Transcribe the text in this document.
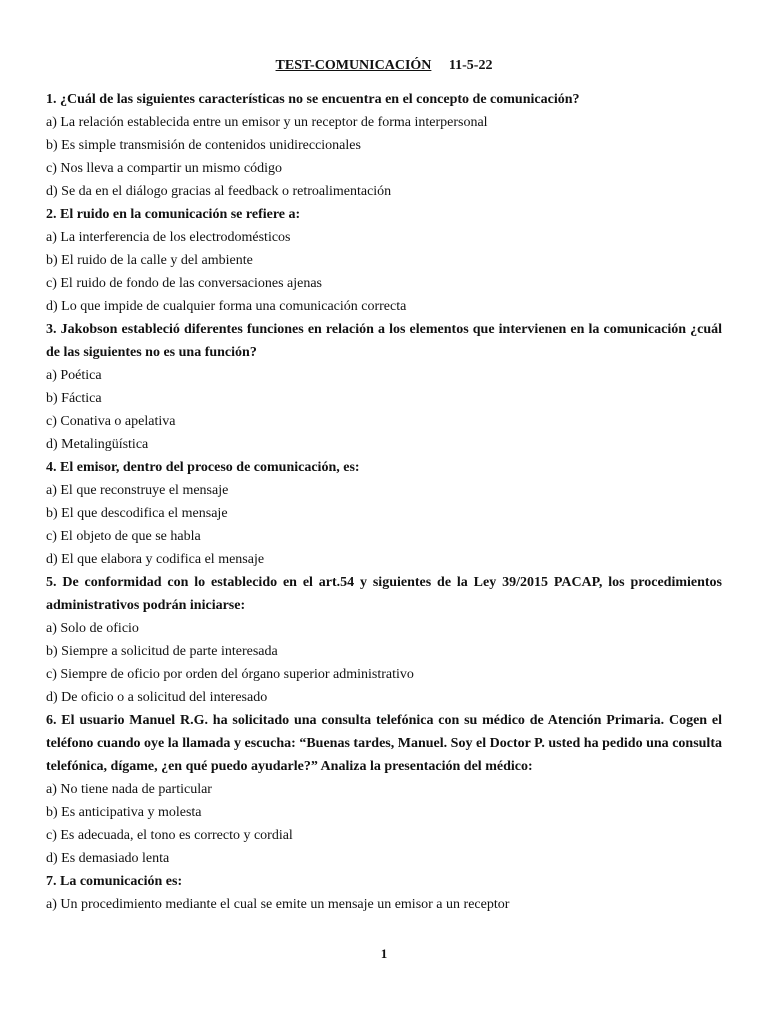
TEST-COMUNICACIÓN 11-5-22
1. ¿Cuál de las siguientes características no se encuentra en el concepto de comunicación?
a) La relación establecida entre un emisor y un receptor de forma interpersonal
b) Es simple transmisión de contenidos unidireccionales
c) Nos lleva a compartir un mismo código
d) Se da en el diálogo gracias al feedback o retroalimentación
2. El ruido en la comunicación se refiere a:
a) La interferencia de los electrodomésticos
b) El ruido de la calle y del ambiente
c) El ruido de fondo de las conversaciones ajenas
d) Lo que impide de cualquier forma una comunicación correcta
3. Jakobson estableció diferentes funciones en relación a los elementos que intervienen en la comunicación ¿cuál de las siguientes no es una función?
a) Poética
b) Fáctica
c) Conativa o apelativa
d) Metalingüística
4. El emisor, dentro del proceso de comunicación, es:
a) El que reconstruye el mensaje
b) El que descodifica el mensaje
c) El objeto de que se habla
d) El que elabora y codifica el mensaje
5. De conformidad con lo establecido en el art.54 y siguientes de la Ley 39/2015 PACAP, los procedimientos administrativos podrán iniciarse:
a) Solo de oficio
b) Siempre a solicitud de parte interesada
c) Siempre de oficio por orden del órgano superior administrativo
d) De oficio o a solicitud del interesado
6. El usuario Manuel R.G. ha solicitado una consulta telefónica con su médico de Atención Primaria. Cogen el teléfono cuando oye la llamada y escucha: “Buenas tardes, Manuel. Soy el Doctor P. usted ha pedido una consulta telefónica, dígame, ¿en qué puedo ayudarle?” Analiza la presentación del médico:
a) No tiene nada de particular
b) Es anticipativa y molesta
c) Es adecuada, el tono es correcto y cordial
d) Es demasiado lenta
7. La comunicación es:
a) Un procedimiento mediante el cual se emite un mensaje un emisor a un receptor
1
